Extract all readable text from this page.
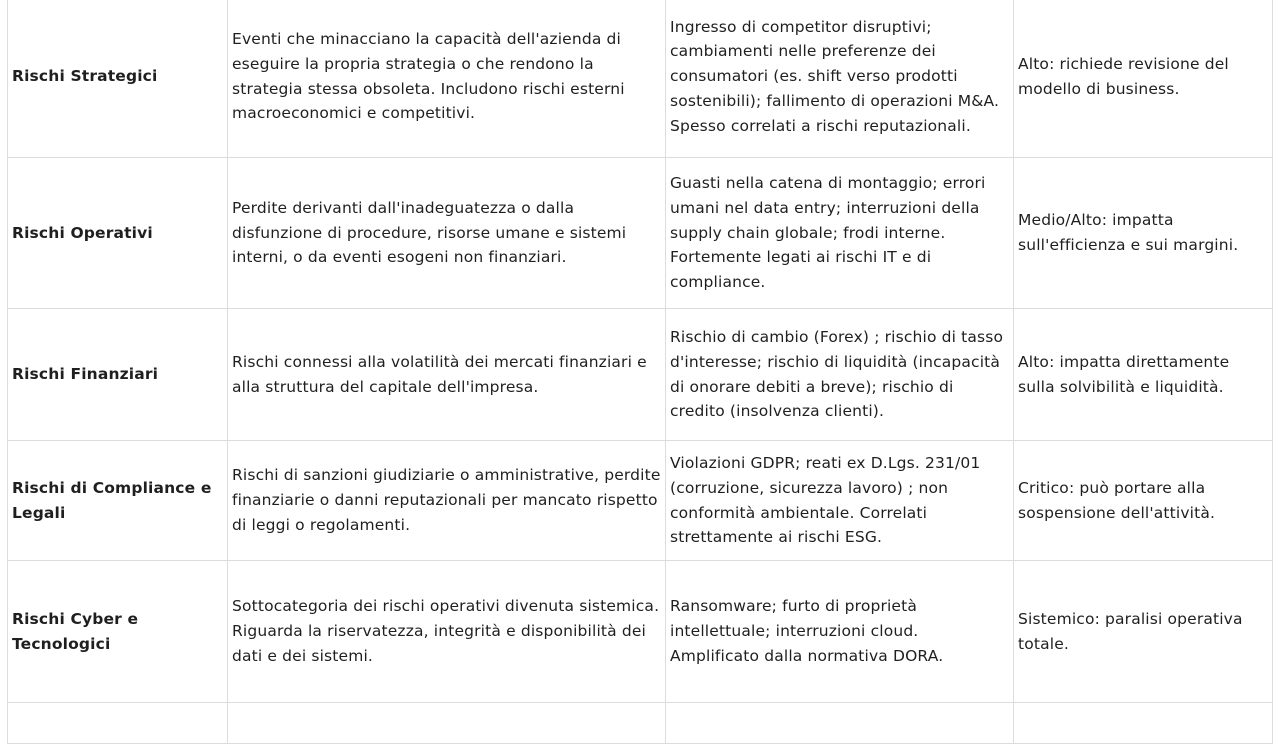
Rischi Strategici	Eventi che minacciano la capacità dell'azienda di eseguire la propria strategia o che rendono la strategia stessa obsoleta. Includono rischi esterni macroeconomici e competitivi.	Ingresso di competitor disruptivi; cambiamenti nelle preferenze dei consumatori (es. shift verso prodotti sostenibili); fallimento di operazioni M&A. Spesso correlati a rischi reputazionali.	Alto: richiede revisione del modello di business.

Rischi Operativi	Perdite derivanti dall'inadeguatezza o dalla disfunzione di procedure, risorse umane e sistemi interni, o da eventi esogeni non finanziari.	Guasti nella catena di montaggio; errori umani nel data entry; interruzioni della supply chain globale; frodi interne. Fortemente legati ai rischi IT e di compliance.	Medio/Alto: impatta sull'efficienza e sui margini.

Rischi Finanziari	Rischi connessi alla volatilità dei mercati finanziari e alla struttura del capitale dell'impresa.	Rischio di cambio (Forex) ; rischio di tasso d'interesse; rischio di liquidità (incapacità di onorare debiti a breve); rischio di credito (insolvenza clienti).	Alto: impatta direttamente sulla solvibilità e liquidità.

Rischi di Compliance e Legali	Rischi di sanzioni giudiziarie o amministrative, perdite finanziarie o danni reputazionali per mancato rispetto di leggi o regolamenti.	Violazioni GDPR; reati ex D.Lgs. 231/01 (corruzione, sicurezza lavoro) ; non conformità ambientale. Correlati strettamente ai rischi ESG.	Critico: può portare alla sospensione dell'attività.

Rischi Cyber e Tecnologici	Sottocategoria dei rischi operativi divenuta sistemica. Riguarda la riservatezza, integrità e disponibilità dei dati e dei sistemi.	Ransomware; furto di proprietà intellettuale; interruzioni cloud. Amplificato dalla normativa DORA.	Sistemico: paralisi operativa totale.
